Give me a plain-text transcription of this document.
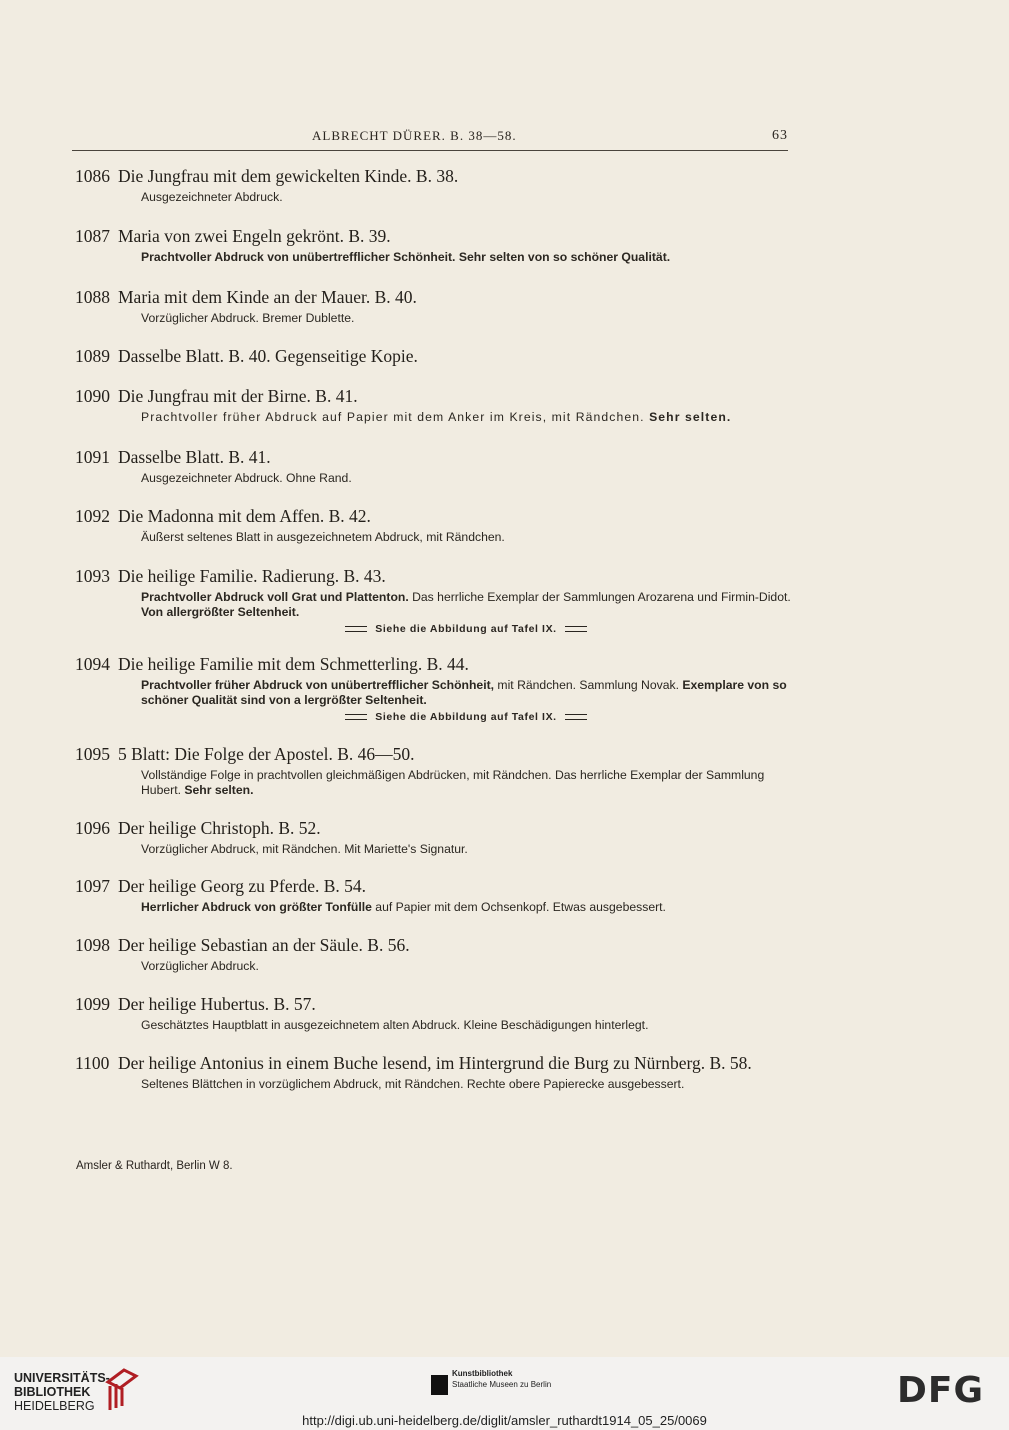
ALBRECHT DÜRER. B. 38—58.	63
1086 Die Jungfrau mit dem gewickelten Kinde. B. 38.
Ausgezeichneter Abdruck.
1087 Maria von zwei Engeln gekrönt. B. 39.
Prachtvoller Abdruck von unübertrefflicher Schönheit. Sehr selten von so schöner Qualität.
1088 Maria mit dem Kinde an der Mauer. B. 40.
Vorzüglicher Abdruck. Bremer Dublette.
1089 Dasselbe Blatt. B. 40. Gegenseitige Kopie.
1090 Die Jungfrau mit der Birne. B. 41.
Prachtvoller früher Abdruck auf Papier mit dem Anker im Kreis, mit Rändchen. Sehr selten.
1091 Dasselbe Blatt. B. 41.
Ausgezeichneter Abdruck. Ohne Rand.
1092 Die Madonna mit dem Affen. B. 42.
Äußerst seltenes Blatt in ausgezeichnetem Abdruck, mit Rändchen.
1093 Die heilige Familie. Radierung. B. 43.
Prachtvoller Abdruck voll Grat und Plattenton. Das herrliche Exemplar der Sammlungen Arozarena und Firmin-Didot. Von allergrößter Seltenheit.
Siehe die Abbildung auf Tafel IX.
1094 Die heilige Familie mit dem Schmetterling. B. 44.
Prachtvoller früher Abdruck von unübertrefflicher Schönheit, mit Rändchen. Sammlung Novak. Exemplare von so schöner Qualität sind von a lergrößter Seltenheit.
Siehe die Abbildung auf Tafel IX.
1095 5 Blatt: Die Folge der Apostel. B. 46—50.
Vollständige Folge in prachtvollen gleichmäßigen Abdrücken, mit Rändchen. Das herrliche Exemplar der Sammlung Hubert. Sehr selten.
1096 Der heilige Christoph. B. 52.
Vorzüglicher Abdruck, mit Rändchen. Mit Mariette's Signatur.
1097 Der heilige Georg zu Pferde. B. 54.
Herrlicher Abdruck von größter Tonfülle auf Papier mit dem Ochsenkopf. Etwas ausgebessert.
1098 Der heilige Sebastian an der Säule. B. 56.
Vorzüglicher Abdruck.
1099 Der heilige Hubertus. B. 57.
Geschätztes Hauptblatt in ausgezeichnetem alten Abdruck. Kleine Beschädigungen hinterlegt.
1100 Der heilige Antonius in einem Buche lesend, im Hintergrund die Burg zu Nürnberg. B. 58.
Seltenes Blättchen in vorzüglichem Abdruck, mit Rändchen. Rechte obere Papierecke ausgebessert.
Amsler & Ruthardt, Berlin W 8.
UNIVERSITÄTS-
BIBLIOTHEK
HEIDELBERG
Kunstbibliothek
Staatliche Museen zu Berlin	DFG
http://digi.ub.uni-heidelberg.de/diglit/amsler_ruthardt1914_05_25/0069
